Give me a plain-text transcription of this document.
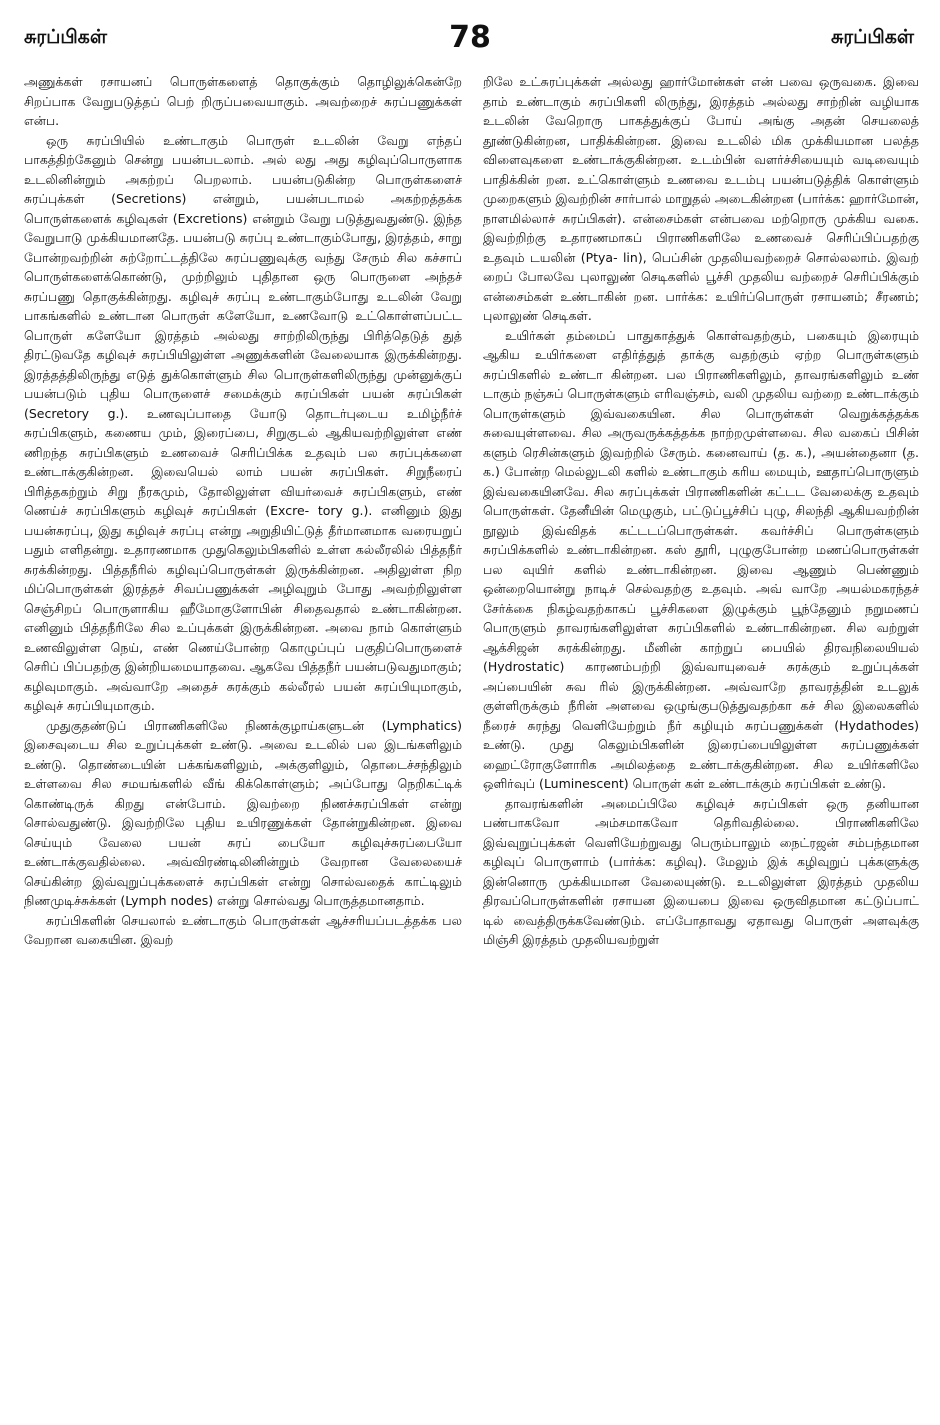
சுரப்பிகள்	78	சுரப்பிகள்

அணுக்கள் ரசாயனப் பொருள்களைத் தொகுக்கும் தொழிலுக்கென்றே சிறப்பாக வேறுபடுத்தப் பெற் றிருப்பவையாகும். அவற்றைச் சுரப்பணுக்கள் என்ப.

ஒரு சுரப்பியில் உண்டாகும் பொருள் உடலின் வேறு எந்தப் பாகத்திற்கேனும் சென்று பயன்படலாம். அல் லது அது கழிவுப்பொருளாக உடலினின்றும் அகற்றப் பெறலாம். பயன்படுகின்ற பொருள்களைச் சுரப்புக்கள் (Secretions) என்றும், பயன்படாமல் அகற்றத்தக்க பொருள்களைக் கழிவுகள் (Excretions) என்றும் வேறு படுத்துவதுண்டு. இந்த வேறுபாடு முக்கியமானதே. பயன்படு சுரப்பு உண்டாகும்போது, இரத்தம், சாறு போன்றவற்றின் சுற்றோட்டத்திலே சுரப்பணுவுக்கு வந்து சேரும் சில கச்சாப் பொருள்களைக்கொண்டு, முற்றிலும் புதிதான ஒரு பொருளை அந்தச் சுரப்பணு தொகுக்கின்றது. கழிவுச் சுரப்பு உண்டாகும்போது உடலின் வேறு பாகங்களில் உண்டான பொருள் களேயோ, உணவோடு உட்கொள்ளப்பட்ட பொருள் களேயோ இரத்தம் அல்லது சாற்றிலிருந்து பிரித்தெடுத் துத் திரட்டுவதே கழிவுச் சுரப்பியிலுள்ள அணுக்களின் வேலையாக இருக்கின்றது. இரத்தத்திலிருந்து எடுத் துக்கொள்ளும் சில பொருள்களிலிருந்து முன்னுக்குப் பயன்படும் புதிய பொருளைச் சமைக்கும் சுரப்பிகள் பயன் சுரப்பிகள் (Secretory g.). உணவுப்பாதை யோடு தொடர்புடைய உமிழ்நீர்ச் சுரப்பிகளும், கணைய மும், இரைப்பை, சிறுகுடல் ஆகியவற்றிலுள்ள எண் ணிறந்த சுரப்பிகளும் உணவைச் செரிப்பிக்க உதவும் பல சுரப்புக்களை உண்டாக்குகின்றன. இவையெல் லாம் பயன் சுரப்பிகள். சிறுநீரைப் பிரித்தகற்றும் சிறு நீரகமும், தோலிலுள்ள வியர்வைச் சுரப்பிகளும், எண் ணெய்ச் சுரப்பிகளும் கழிவுச் சுரப்பிகள் (Excre- tory g.). எனினும் இது பயன்சுரப்பு, இது கழிவுச் சுரப்பு என்று அறுதியிட்டுத் தீர்மானமாக வரையறுப் பதும் எளிதன்று. உதாரணமாக முதுகெலும்பிகளில் உள்ள கல்லீரலில் பித்தநீர் சுரக்கின்றது. பித்தநீரில் கழிவுப்பொருள்கள் இருக்கின்றன. அதிலுள்ள நிற மிப்பொருள்கள் இரத்தச் சிவப்பணுக்கள் அழிவுறும் போது அவற்றிலுள்ள செஞ்சிறப் பொருளாகிய ஹீமோகுளோபின் சிதைவதால் உண்டாகின்றன. எனினும் பித்தநீரிலே சில உப்புக்கள் இருக்கின்றன. அவை நாம் கொள்ளும் உணவிலுள்ள நெய், எண் ணெய்போன்ற கொழுப்புப் பகுதிப்பொருளைச் செரிப் பிப்பதற்கு இன்றியமையாதவை. ஆகவே பித்தநீர் பயன்படுவதுமாகும்; கழிவுமாகும். அவ்வாறே அதைச் சுரக்கும் கல்லீரல் பயன் சுரப்பியுமாகும், கழிவுச் சுரப்பியுமாகும்.

முதுகுதண்டுப் பிராணிகளிலே நிணக்குழாய்களுடன் (Lymphatics) இசைவுடைய சில உறுப்புக்கள் உண்டு. அவை உடலில் பல இடங்களிலும் உண்டு. தொண்டையின் பக்கங்களிலும், அக்குளிலும், தொடைச்சந்திலும் உள்ளவை சில சமயங்களில் வீங் கிக்கொள்ளும்; அப்போது நெறிகட்டிக் கொண்டிருக் கிறது என்போம். இவற்றை நிணச்சுரப்பிகள் என்று சொல்வதுண்டு. இவற்றிலே புதிய உயிரணுக்கள் தோன்றுகின்றன. இவை செய்யும் வேலை பயன் சுரப் பையோ கழிவுச்சுரப்பையோ உண்டாக்குவதில்லை. அவ்விரண்டிலினின்றும் வேறான வேலையைச் செய்கின்ற இவ்வுறுப்புக்களைச் சுரப்பிகள் என்று சொல்வதைக் காட்டிலும் நிணமுடிச்சுக்கள் (Lymph nodes) என்று சொல்வது பொருத்தமானதாம்.

சுரப்பிகளின் செயலால் உண்டாகும் பொருள்கள் ஆச்சரியப்படத்தக்க பல வேறான வகையின. இவற்

றிலே உட்சுரப்புக்கள் அல்லது ஹார்மோன்கள் என் பவை ஒருவகை. இவை தாம் உண்டாகும் சுரப்பிகளி லிருந்து, இரத்தம் அல்லது சாற்றின் வழியாக உடலின் வேறொரு பாகத்துக்குப் போய் அங்கு அதன் செயலைத் தூண்டுகின்றன, பாதிக்கின்றன. இவை உடலில் மிக முக்கியமான பலத்த விளைவுகளை உண்டாக்குகின்றன. உடம்பின் வளர்ச்சியையும் வடிவையும் பாதிக்கின் றன. உட்கொள்ளும் உணவை உடம்பு பயன்படுத்திக் கொள்ளும் முறைகளும் இவற்றின் சார்பால் மாறுதல் அடைகின்றன (பார்க்க: ஹார்மோன், நாளமில்லாச் சுரப்பிகள்). என்சைம்கள் என்பவை மற்றொரு முக்கிய வகை. இவற்றிற்கு உதாரணமாகப் பிராணிகளிலே உணவைச் செரிப்பிப்பதற்கு உதவும் டயலின் (Ptya- lin), பெப்சின் முதலியவற்றைச் சொல்லலாம். இவற் றைப் போலவே புலாலுண் செடிகளில் பூச்சி முதலிய வற்றைச் செரிப்பிக்கும் என்சைம்கள் உண்டாகின் றன. பார்க்க: உயிர்ப்பொருள் ரசாயனம்; சீரணம்; புலாலுண் செடிகள்.

உயிர்கள் தம்மைப் பாதுகாத்துக் கொள்வதற்கும், பகையும் இரையும் ஆகிய உயிர்களை எதிர்த்துத் தாக்கு வதற்கும் ஏற்ற பொருள்களும் சுரப்பிகளில் உண்டா கின்றன. பல பிராணிகளிலும், தாவரங்களிலும் உண் டாகும் நஞ்சுப் பொருள்களும் எரிவஞ்சம், வலி முதலிய வற்றை உண்டாக்கும் பொருள்களும் இவ்வகையின. சில பொருள்கள் வெறுக்கத்தக்க சுவையுள்ளவை. சில அருவருக்கத்தக்க நாற்றமுள்ளவை. சில வகைப் பிசின் களும் ரெசின்களும் இவற்றில் சேரும். கனைவாய் (த. க.), அயன்தைனா (த. க.) போன்ற மெல்லுடலி களில் உண்டாகும் கரிய மையும், ஊதாப்பொருளும் இவ்வகையினவே. சில சுரப்புக்கள் பிராணிகளின் கட்டட வேலைக்கு உதவும் பொருள்கள். தேனீயின் மெழுகும், பட்டுப்பூச்சிப் புழு, சிலந்தி ஆகியவற்றின் நூலும் இவ்விதக் கட்டடப்பொருள்கள். கவர்ச்சிப் பொருள்களும் சுரப்பிக்களில் உண்டாகின்றன. கஸ் தூரி, புழுகுபோன்ற மணப்பொருள்கள் பல வுயிர் களில் உண்டாகின்றன. இவை ஆணும் பெண்ணும் ஒன்றையொன்று நாடிச் செல்வதற்கு உதவும். அவ் வாறே அயல்மகரந்தச் சேர்க்கை நிகழ்வதற்காகப் பூச்சிகளை இழுக்கும் பூந்தேனும் நறுமணப் பொருளும் தாவரங்களிலுள்ள சுரப்பிகளில் உண்டாகின்றன. சில வற்றுள் ஆக்சிஜன் சுரக்கின்றது. மீனின் காற்றுப் பையில் திரவநிலையியல் (Hydrostatic) காரணம்பற்றி இவ்வாயுவைச் சுரக்கும் உறுப்புக்கள் அப்பையின் சுவ ரில் இருக்கின்றன. அவ்வாறே தாவரத்தின் உடலுக் குள்ளிருக்கும் நீரின் அளவை ஒழுங்குபடுத்துவதற்கா கச் சில இலைகளில் நீரைச் சுரந்து வெளியேற்றும் நீர் கழியும் சுரப்பணுக்கள் (Hydathodes) உண்டு. முது கெலும்பிகளின் இரைப்பையிலுள்ள சுரப்பணுக்கள் ஹைட்ரோகுளோரிக அமிலத்தை உண்டாக்குகின்றன. சில உயிர்களிலே ஒளிர்வுப் (Luminescent) பொருள் கள் உண்டாக்கும் சுரப்பிகள் உண்டு.

தாவரங்களின் அமைப்பிலே கழிவுச் சுரப்பிகள் ஒரு தனியான பண்பாகவோ அம்சமாகவோ தெரிவதில்லை. பிராணிகளிலே இவ்வுறுப்புக்கள் வெளியேற்றுவது பெரும்பாலும் நைட்ரஜன் சம்பந்தமான கழிவுப் பொருளாம் (பார்க்க: கழிவு). மேலும் இக் கழிவுறுப் புக்களுக்கு இன்னொரு முக்கியமான வேலையுண்டு. உடலிலுள்ள இரத்தம் முதலிய திரவப்பொருள்களின் ரசாயன இயைபை இவை ஒருவிதமான கட்டுப்பாட் டில் வைத்திருக்கவேண்டும். எப்போதாவது ஏதாவது பொருள் அளவுக்கு மிஞ்சி இரத்தம் முதலியவற்றுள்
